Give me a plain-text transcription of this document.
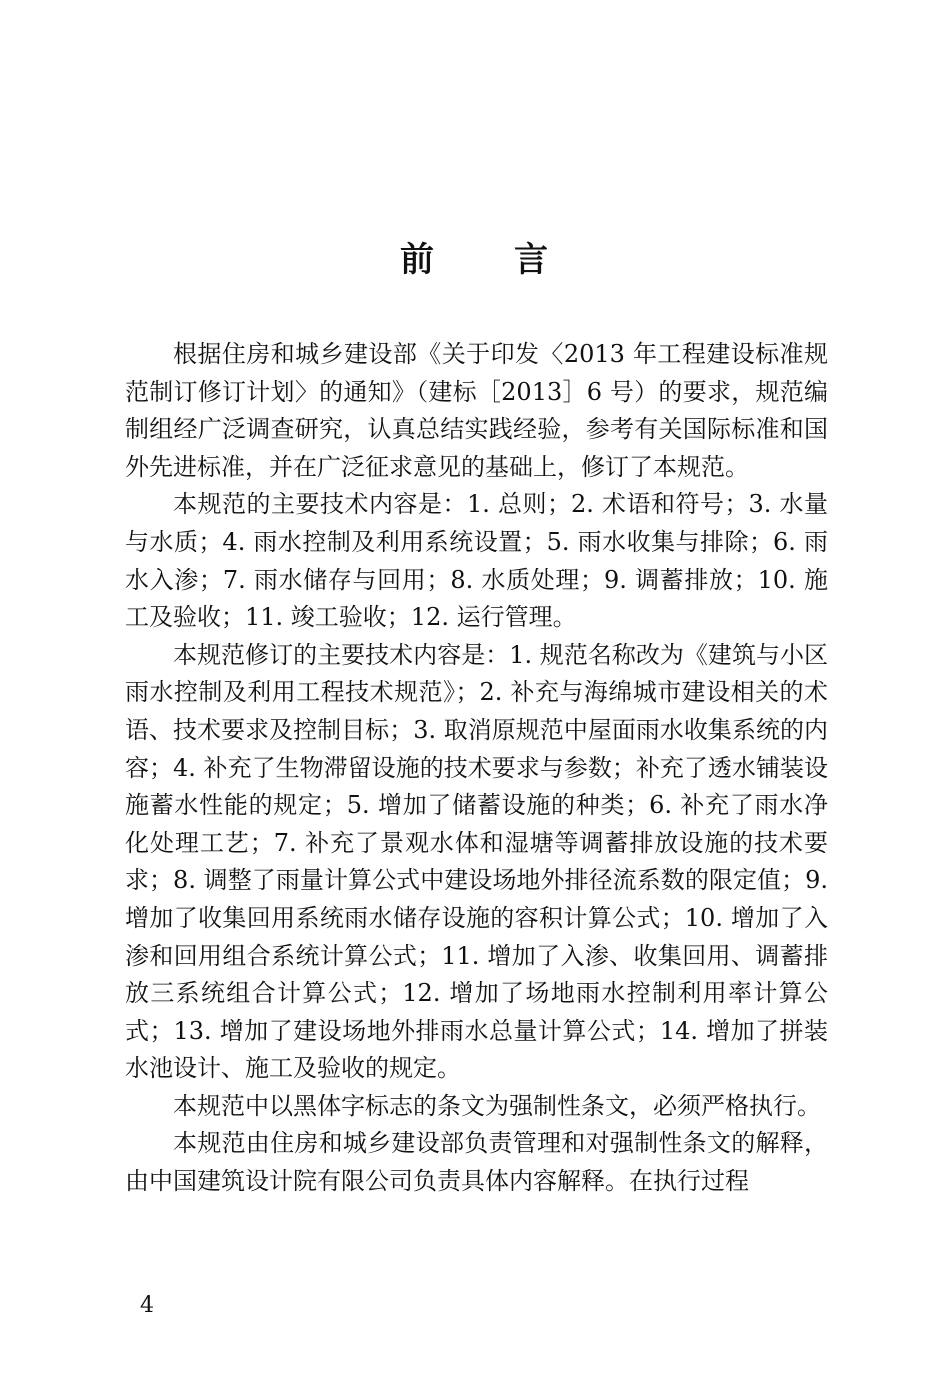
前 言

根据住房和城乡建设部《关于印发〈2013 年工程建设标准规范制订修订计划〉的通知》（建标［2013］6 号）的要求，规范编制组经广泛调查研究，认真总结实践经验，参考有关国际标准和国外先进标准，并在广泛征求意见的基础上，修订了本规范。

本规范的主要技术内容是：1. 总则；2. 术语和符号；3. 水量与水质；4. 雨水控制及利用系统设置；5. 雨水收集与排除；6. 雨水入渗；7. 雨水储存与回用；8. 水质处理；9. 调蓄排放；10. 施工及验收；11. 竣工验收；12. 运行管理。

本规范修订的主要技术内容是：1. 规范名称改为《建筑与小区雨水控制及利用工程技术规范》；2. 补充与海绵城市建设相关的术语、技术要求及控制目标；3. 取消原规范中屋面雨水收集系统的内容；4. 补充了生物滞留设施的技术要求与参数；补充了透水铺装设施蓄水性能的规定；5. 增加了储蓄设施的种类；6. 补充了雨水净化处理工艺；7. 补充了景观水体和湿塘等调蓄排放设施的技术要求；8. 调整了雨量计算公式中建设场地外排径流系数的限定值；9. 增加了收集回用系统雨水储存设施的容积计算公式；10. 增加了入渗和回用组合系统计算公式；11. 增加了入渗、收集回用、调蓄排放三系统组合计算公式；12. 增加了场地雨水控制利用率计算公式；13. 增加了建设场地外排雨水总量计算公式；14. 增加了拼装水池设计、施工及验收的规定。

本规范中以黑体字标志的条文为强制性条文，必须严格执行。

本规范由住房和城乡建设部负责管理和对强制性条文的解释，由中国建筑设计院有限公司负责具体内容解释。在执行过程

4
